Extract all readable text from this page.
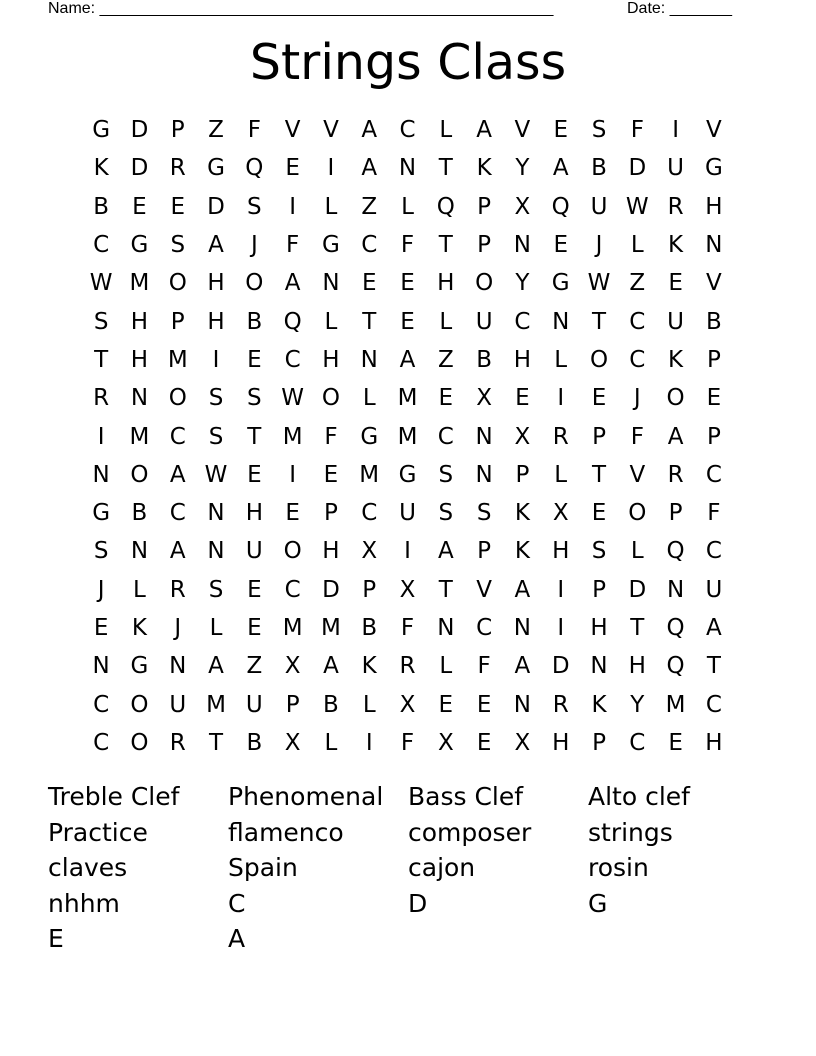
Name: ___________________________________________________	Date: _______
Strings Class
G D P	Z	F	V V A C	L	A V	E	S	F	I	V
K D R G Q E	I	A N T	K	Y	A B D U G
B	E	E D S	I	L	Z	L Q P	X Q U W R H
C G S	A	J	F G C	F	T	P N E	J	L	K N
W M O H O A N E	E H O Y G W Z	E	V
S H P H B Q L	T	E	L	U C N T	C U B
T H M	I	E C H N A Z B H	L O C K	P
R N O S	S W O L M E	X	E	I	E	J	O E
I	M C S	T M F G M C N X R	P	F	A	P
N O A W E	I	E M G S N P	L	T	V R C
G B C N H E	P	C U S	S	K X	E O P	F
S N A N U O H X	I	A	P	K H S	L Q C
J	L	R	S	E C D P	X	T	V A	I	P D N U
E	K	J	L	E M M B	F	N C N	I	H T Q A
N G N A Z X A K R	L	F	A D N H Q T
C O U M U P	B	L	X	E	E N R K	Y M C
C O R	T	B X	L	I	F	X	E	X H P	C	E H
Treble Clef	Phenomenal Bass Clef	Alto clef
Practice	flamenco	composer	strings
claves	Spain	cajon	rosin
nhhm	C	D	G
E	A
